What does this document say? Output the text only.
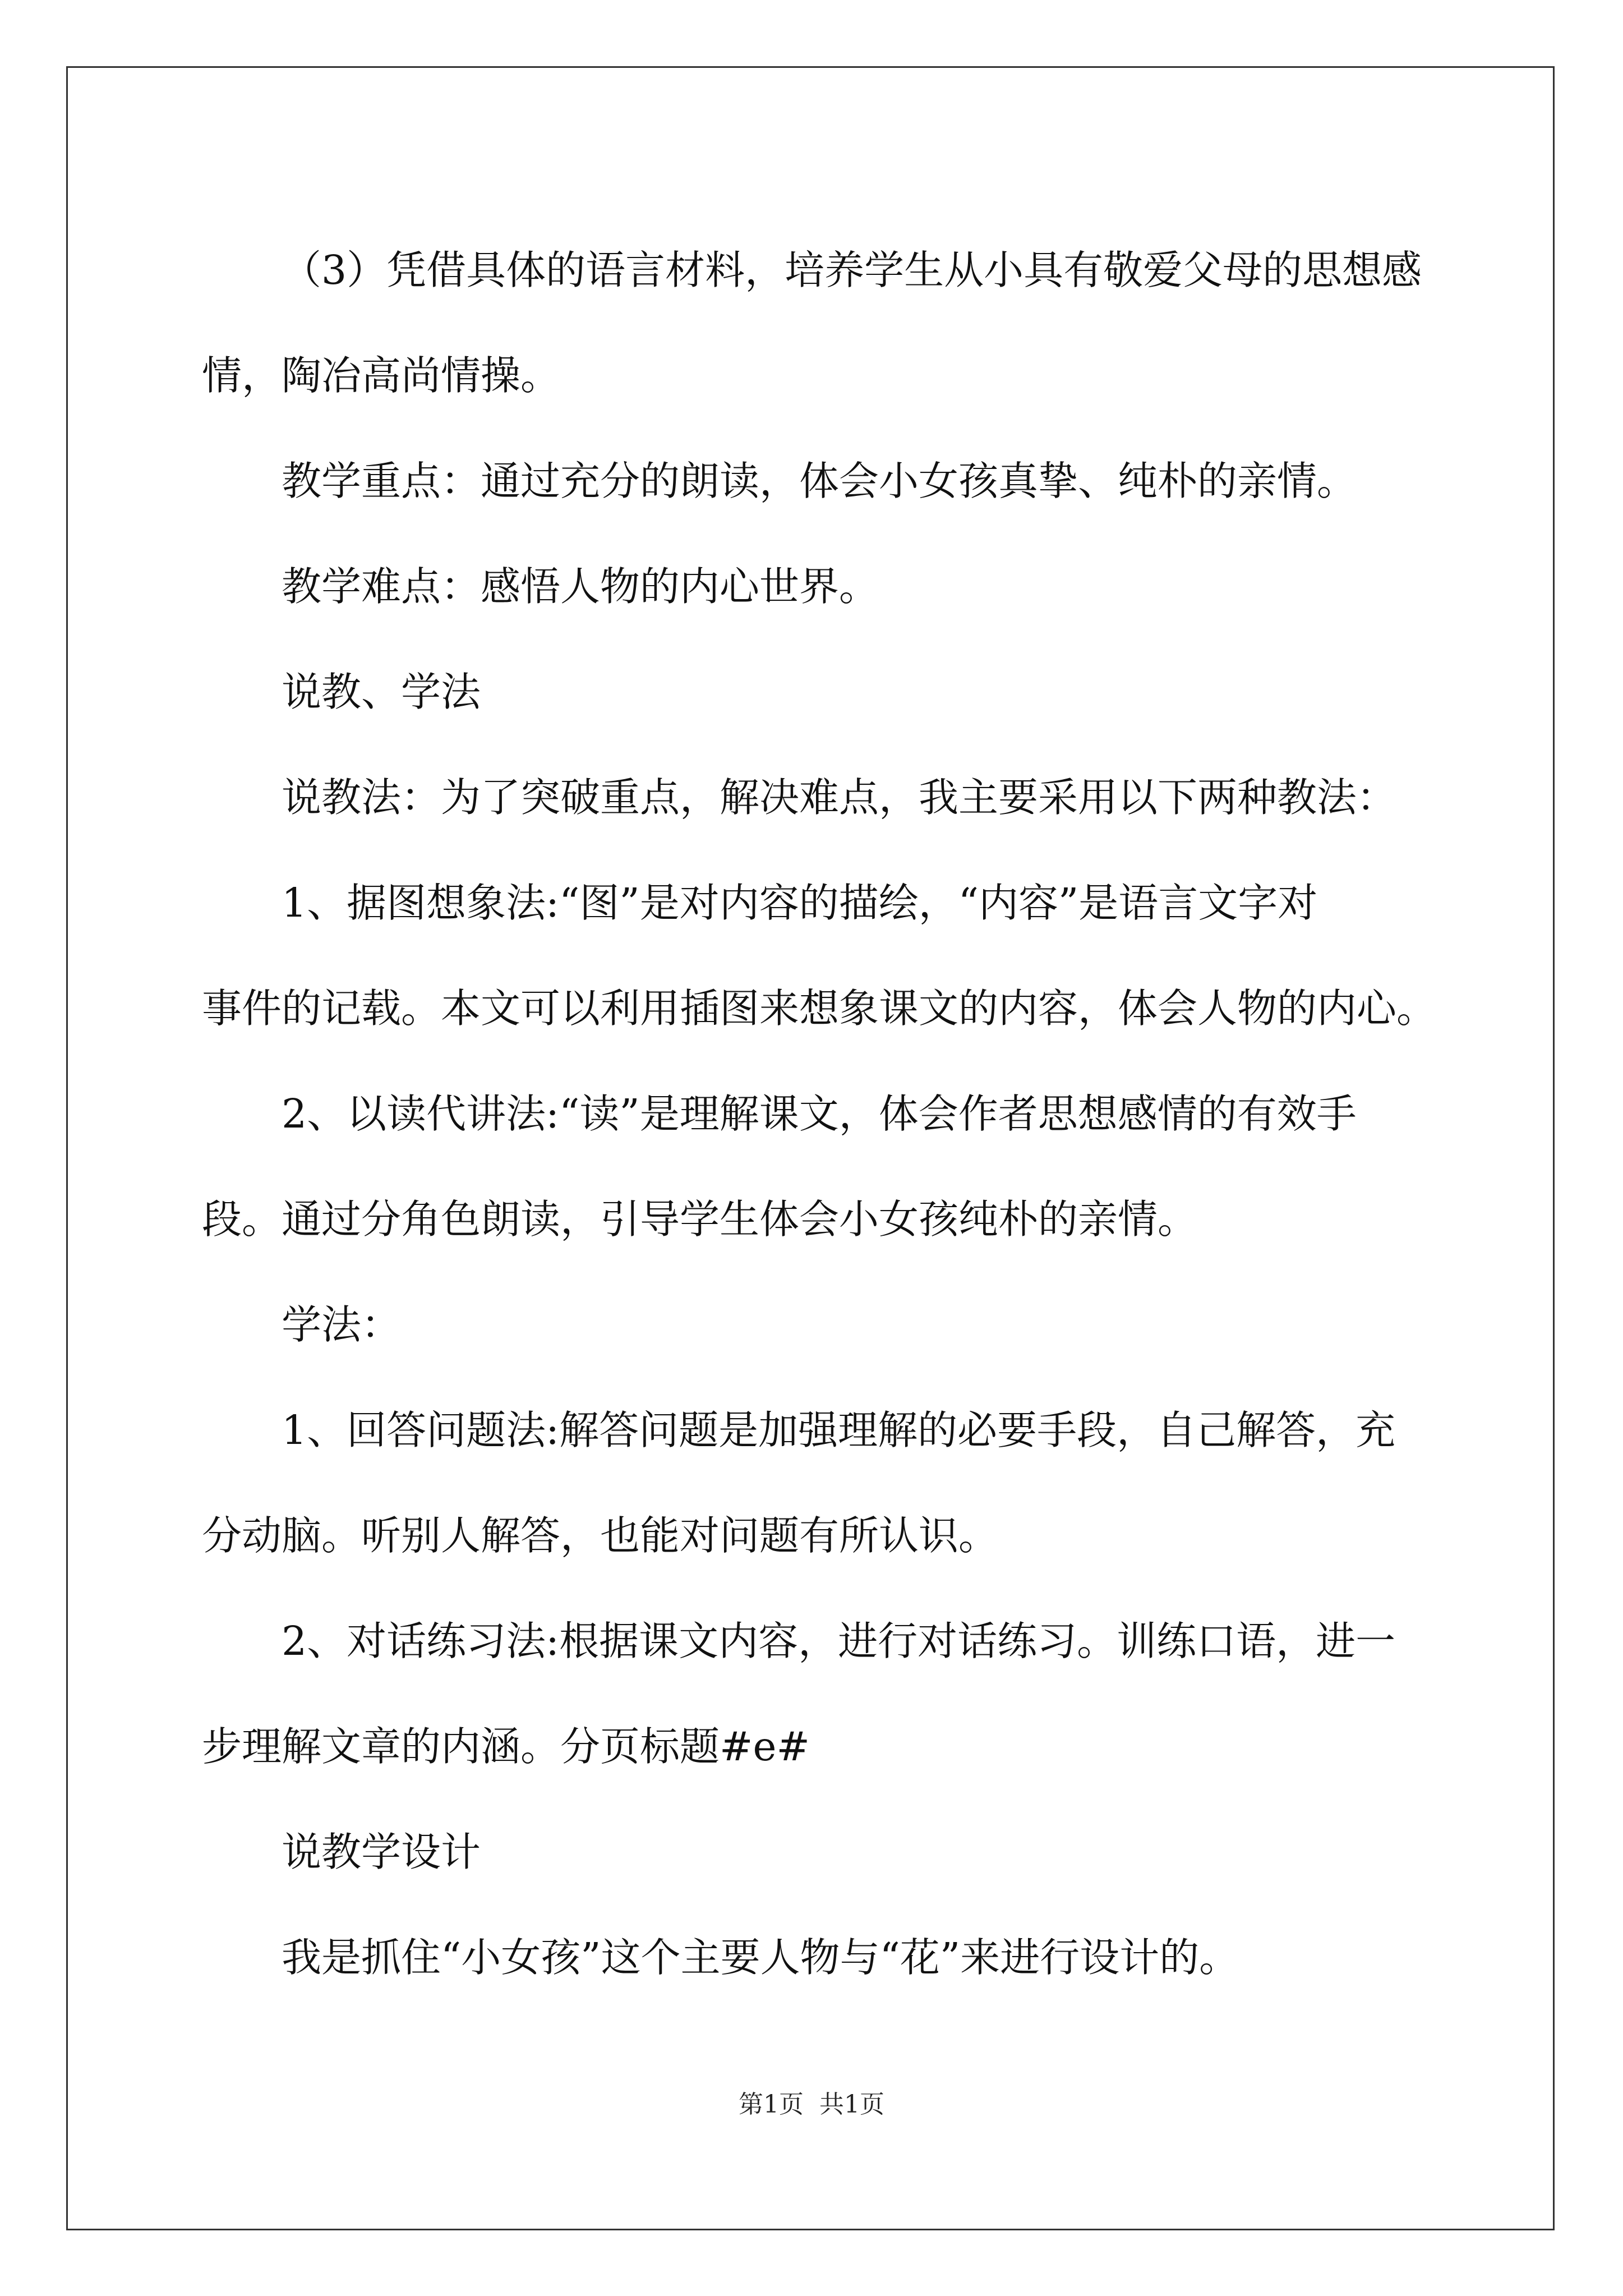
（3）凭借具体的语言材料，培养学生从小具有敬爱父母的思想感
情，陶冶高尚情操。
教学重点：通过充分的朗读，体会小女孩真挚、纯朴的亲情。
教学难点：感悟人物的内心世界。
说教、学法
说教法：为了突破重点，解决难点，我主要采用以下两种教法：
1、据图想象法:“图”是对内容的描绘，“内容”是语言文字对
事件的记载。本文可以利用插图来想象课文的内容，体会人物的内心。
2、以读代讲法:“读”是理解课文，体会作者思想感情的有效手
段。通过分角色朗读，引导学生体会小女孩纯朴的亲情。
学法：
1、回答问题法:解答问题是加强理解的必要手段，自己解答，充
分动脑。听别人解答，也能对问题有所认识。
2、对话练习法:根据课文内容，进行对话练习。训练口语，进一
步理解文章的内涵。分页标题#e#
说教学设计
我是抓住“小女孩”这个主要人物与“花”来进行设计的。
第1页 共1页
